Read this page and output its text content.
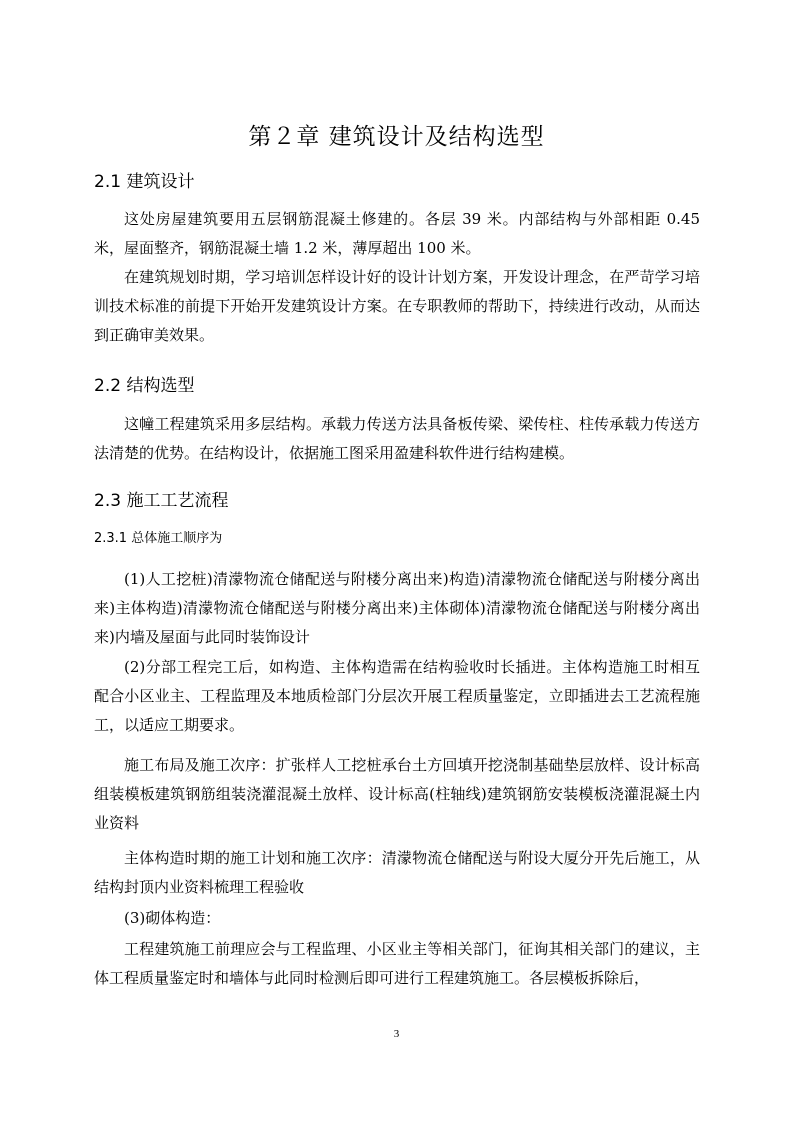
第２章 建筑设计及结构选型
2.1 建筑设计

这处房屋建筑要用五层钢筋混凝土修建的。各层 39 米。内部结构与外部相距 0.45 米，屋面整齐，钢筋混凝土墙 1.2 米，薄厚超出 100 米。

在建筑规划时期，学习培训怎样设计好的设计计划方案，开发设计理念，在严苛学习培训技术标准的前提下开始开发建筑设计方案。在专职教师的帮助下，持续进行改动，从而达到正确审美效果。

2.2 结构选型

这幢工程建筑采用多层结构。承载力传送方法具备板传梁、梁传柱、柱传承载力传送方法清楚的优势。在结构设计，依据施工图采用盈建科软件进行结构建模。

2.3 施工工艺流程
2.3.1 总体施工顺序为

(1)人工挖桩)清濛物流仓储配送与附楼分离出来)构造)清濛物流仓储配送与附楼分离出来)主体构造)清濛物流仓储配送与附楼分离出来)主体砌体)清濛物流仓储配送与附楼分离出来)内墙及屋面与此同时装饰设计

(2)分部工程完工后，如构造、主体构造需在结构验收时长插进。主体构造施工时相互配合小区业主、工程监理及本地质检部门分层次开展工程质量鉴定，立即插进去工艺流程施工，以适应工期要求。

施工布局及施工次序：扩张样人工挖桩承台土方回填开挖浇制基础垫层放样、设计标高组装模板建筑钢筋组装浇灌混凝土放样、设计标高(柱轴线)建筑钢筋安装模板浇灌混凝土内业资料

主体构造时期的施工计划和施工次序：清濛物流仓储配送与附设大厦分开先后施工，从结构封顶内业资料梳理工程验收

(3)砌体构造：

工程建筑施工前理应会与工程监理、小区业主等相关部门，征询其相关部门的建议，主体工程质量鉴定时和墙体与此同时检测后即可进行工程建筑施工。各层模板拆除后，

3
